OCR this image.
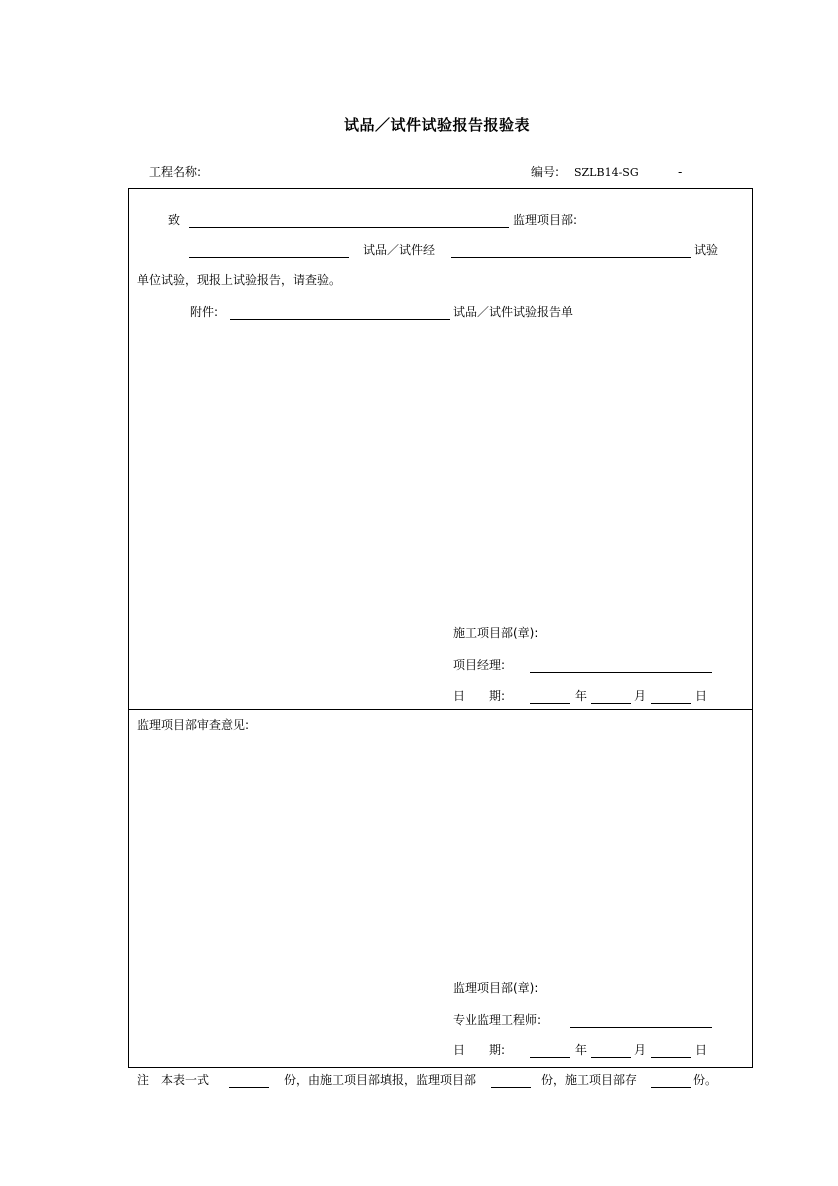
试品／试件试验报告报验表
工程名称:	编号: SZLB14-SG	-
致	监理项目部:
试品／试件经	试验
单位试验，现报上试验报告，请查验。
附件:	试品／试件试验报告单
施工项目部(章):
项目经理:
日 期:	年	月	日
监理项目部审查意见:
监理项目部(章):
专业监理工程师:
日 期:	年	月	日
注 本表一式	份，由施工项目部填报，监理项目部	份，施工项目部存	份。
